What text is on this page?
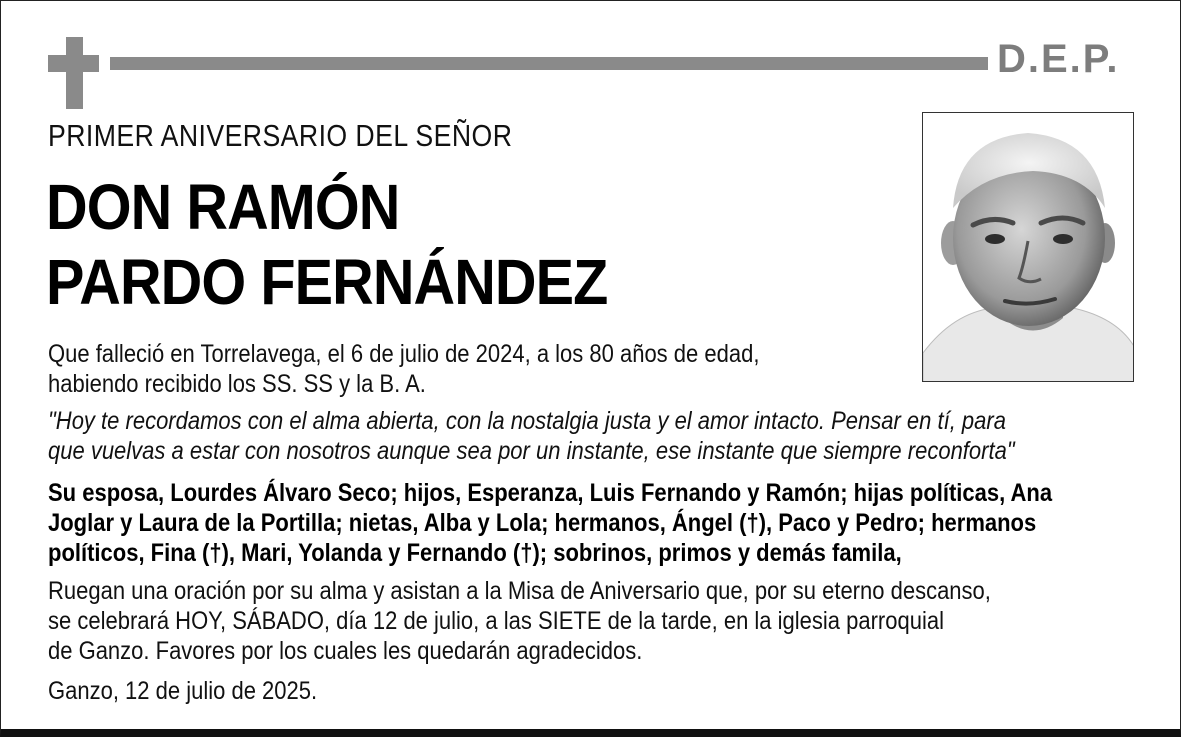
D.E.P.
PRIMER ANIVERSARIO DEL SEÑOR
DON RAMÓN
PARDO FERNÁNDEZ
Que falleció en Torrelavega, el 6 de julio de 2024, a los 80 años de edad,
habiendo recibido los SS. SS y la B. A.
"Hoy te recordamos con el alma abierta, con la nostalgia justa y el amor intacto. Pensar en tí, para
que vuelvas a estar con nosotros aunque sea por un instante, ese instante que siempre reconforta"
Su esposa, Lourdes Álvaro Seco; hijos, Esperanza, Luis Fernando y Ramón; hijas políticas, Ana
Joglar y Laura de la Portilla; nietas, Alba y Lola; hermanos, Ángel (†), Paco y Pedro; hermanos
políticos, Fina (†), Mari, Yolanda y Fernando (†); sobrinos, primos y demás famila,
Ruegan una oración por su alma y asistan a la Misa de Aniversario que, por su eterno descanso,
se celebrará HOY, SÁBADO, día 12 de julio, a las SIETE de la tarde, en la iglesia parroquial
de Ganzo. Favores por los cuales les quedarán agradecidos.
Ganzo, 12 de julio de 2025.
